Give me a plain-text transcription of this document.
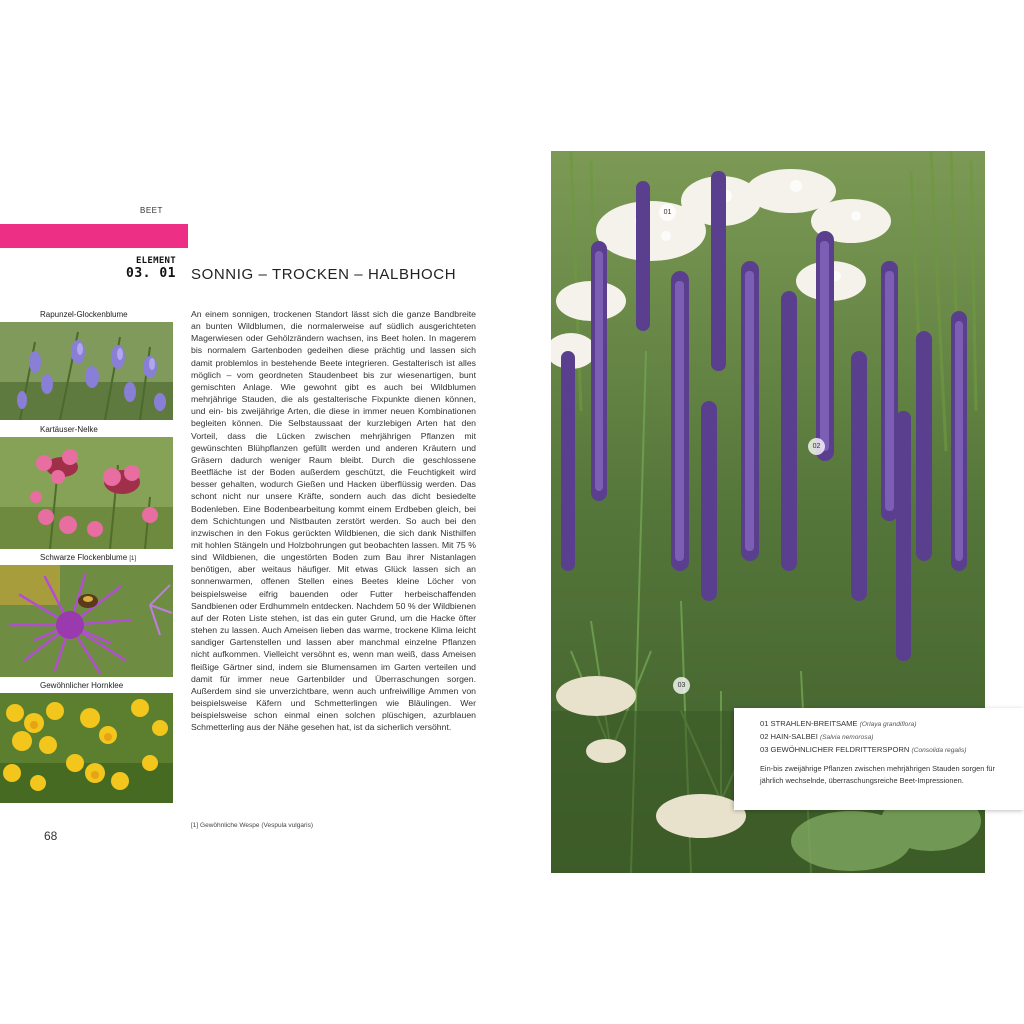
BEET
ELEMENT
03. 01 SONNIG – TROCKEN – HALBHOCH
Rapunzel-Glockenblume
Kartäuser-Nelke
Schwarze Flockenblume [1]
Gewöhnlicher Hornklee

An einem sonnigen, trockenen Standort lässt sich die ganze Bandbreite an bunten Wildblumen, die normalerweise auf südlich ausgerichteten Magerwiesen oder Gehölzrändern wachsen, ins Beet holen. In magerem bis normalem Gartenboden gedeihen diese prächtig und lassen sich damit problemlos in bestehende Beete integrieren. Gestalterisch ist alles möglich – vom geordneten Staudenbeet bis zur wiesenartigen, bunt gemischten Anlage. Wie gewohnt gibt es auch bei Wildblumen mehrjährige Stauden, die als gestalterische Fixpunkte dienen können, und ein- bis zweijährige Arten, die diese in immer neuen Kombinationen begleiten können. Die Selbstaussaat der kurzlebigen Arten hat den Vorteil, dass die Lücken zwischen mehrjährigen Pflanzen mit gewünschten Blühpflanzen gefüllt werden und anderen Kräutern und Gräsern dadurch weniger Raum bleibt. Durch die geschlossene Beetfläche ist der Boden außerdem geschützt, die Feuchtigkeit wird besser gehalten, wodurch Gießen und Hacken überflüssig werden. Das schont nicht nur unsere Kräfte, sondern auch das dicht besiedelte Bodenleben. Eine Bodenbearbeitung kommt einem Erdbeben gleich, bei dem Schichtungen und Nistbauten zerstört werden. So auch bei den inzwischen in den Fokus gerückten Wildbienen, die sich dank Nisthilfen mit hohlen Stängeln und Holzbohrungen gut beobachten lassen. Mit 75 % sind Wildbienen, die ungestörten Boden zum Bau ihrer Nistanlagen benötigen, aber weitaus häufiger. Mit etwas Glück lassen sich an sonnenwarmen, offenen Stellen eines Beetes kleine Löcher von beispielsweise eifrig bauenden oder Futter herbeischaffenden Sandbienen oder Erdhummeln entdecken. Nachdem 50 % der Wildbienen auf der Roten Liste stehen, ist das ein guter Grund, um die Hacke öfter stehen zu lassen. Auch Ameisen lieben das warme, trockene Klima leicht sandiger Gartenstellen und lassen aber manchmal einzelne Pflanzen nicht aufkommen. Vielleicht versöhnt es, wenn man weiß, dass Ameisen fleißige Gärtner sind, indem sie Blumensamen im Garten verteilen und damit für immer neue Gartenbilder und Überraschungen sorgen. Außerdem sind sie unverzichtbare, wenn auch unfreiwillige Ammen von beispielsweise Käfern und Schmetterlingen wie Bläulingen. Wer beispielsweise schon einmal einen solchen plüschigen, azurblauen Schmetterling aus der Nähe gesehen hat, ist da sicherlich versöhnt.

[1] Gewöhnliche Wespe (Vespula vulgaris)
68
01
02
03
01 STRAHLEN-BREITSAME (Orlaya grandiflora)
02 HAIN-SALBEI (Salvia nemorosa)
03 GEWÖHNLICHER FELDRITTERSPORN (Consolida regalis)
Ein-bis zweijährige Pflanzen zwischen mehrjährigen Stauden sorgen für jährlich wechselnde, überraschungsreiche Beet-Impressionen.
